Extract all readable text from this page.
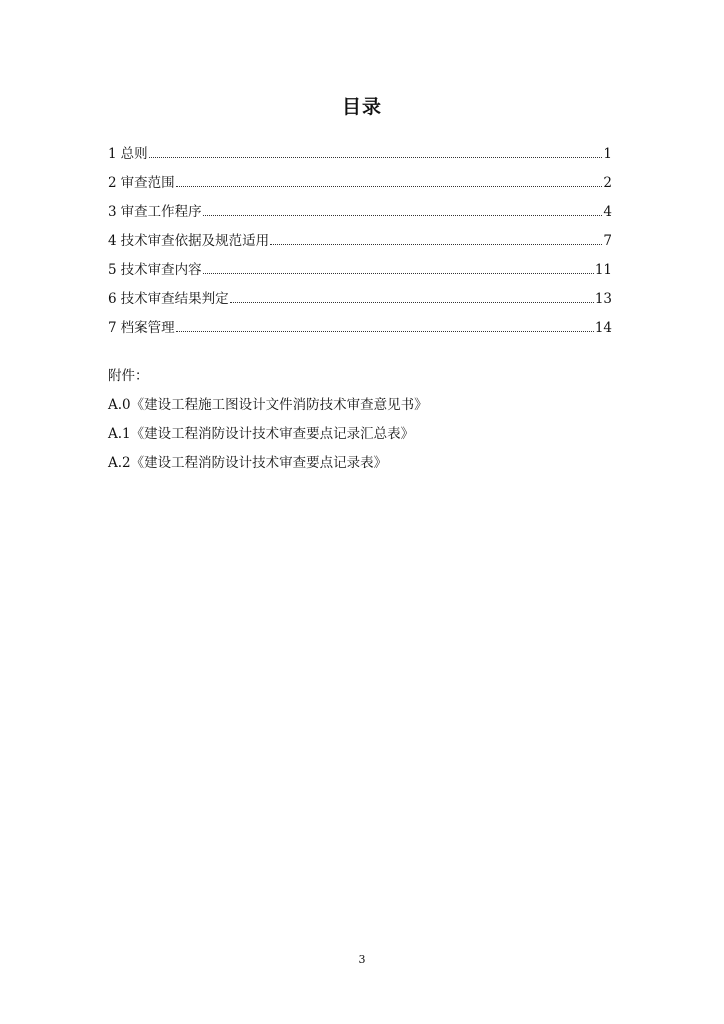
目录
1 总则	1
2 审查范围	2
3 审查工作程序	4
4 技术审查依据及规范适用	7
5 技术审查内容	11
6 技术审查结果判定	13
7 档案管理	14
附件：
A.0《建设工程施工图设计文件消防技术审查意见书》
A.1《建设工程消防设计技术审查要点记录汇总表》
A.2《建设工程消防设计技术审查要点记录表》
3
